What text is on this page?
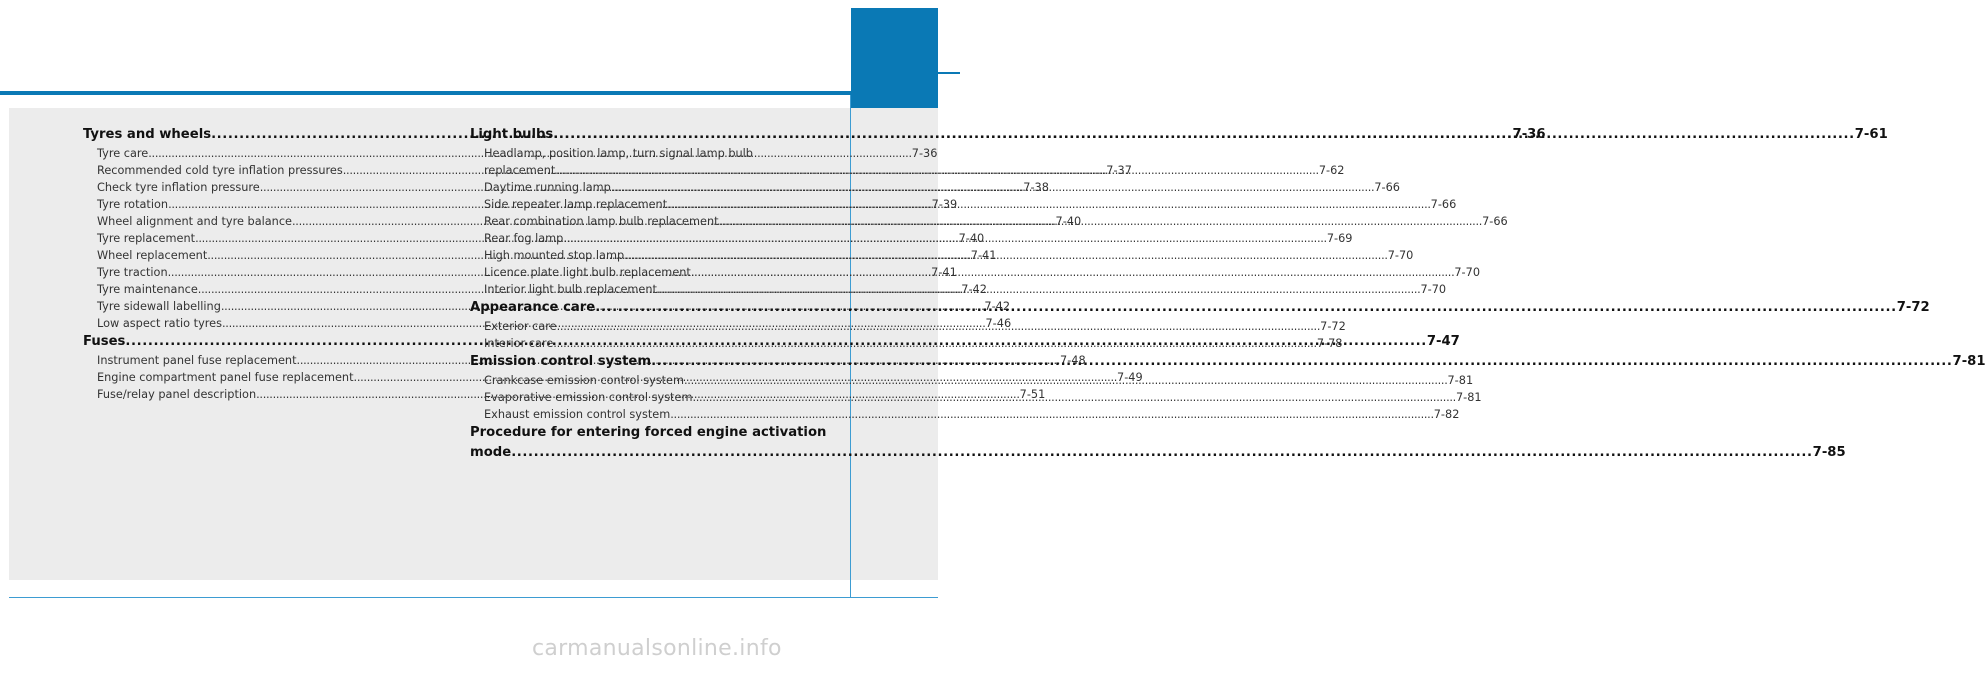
Tyres and wheels .....	7-36
Tyre care .....	7-36
Recommended cold tyre inflation pressures .....	7-37
Check tyre inflation pressure .....	7-38
Tyre rotation .....	7-39
Wheel alignment and tyre balance .....	7-40
Tyre replacement .....	7-40
Wheel replacement .....	7-41
Tyre traction .....	7-41
Tyre maintenance .....	7-42
Tyre sidewall labelling .....	7-42
Low aspect ratio tyres .....	7-46
Fuses .....	7-47
Instrument panel fuse replacement .....	7-48
Engine compartment panel fuse replacement .....	7-49
Fuse/relay panel description .....	7-51
Light bulbs .....	7-61
Headlamp, position lamp, turn signal lamp bulb
replacement .....	7-62
Daytime running lamp .....	7-66
Side repeater lamp replacement .....	7-66
Rear combination lamp bulb replacement .....	7-66
Rear fog lamp .....	7-69
High mounted stop lamp .....	7-70
Licence plate light bulb replacement .....	7-70
Interior light bulb replacement .....	7-70
Appearance care .....	7-72
Exterior care .....	7-72
Interior care .....	7-78
Emission control system .....	7-81
Crankcase emission control system .....	7-81
Evaporative emission control system .....	7-81
Exhaust emission control system .....	7-82
Procedure for entering forced engine activation
mode .....	7-85
carmanualsonline.info
